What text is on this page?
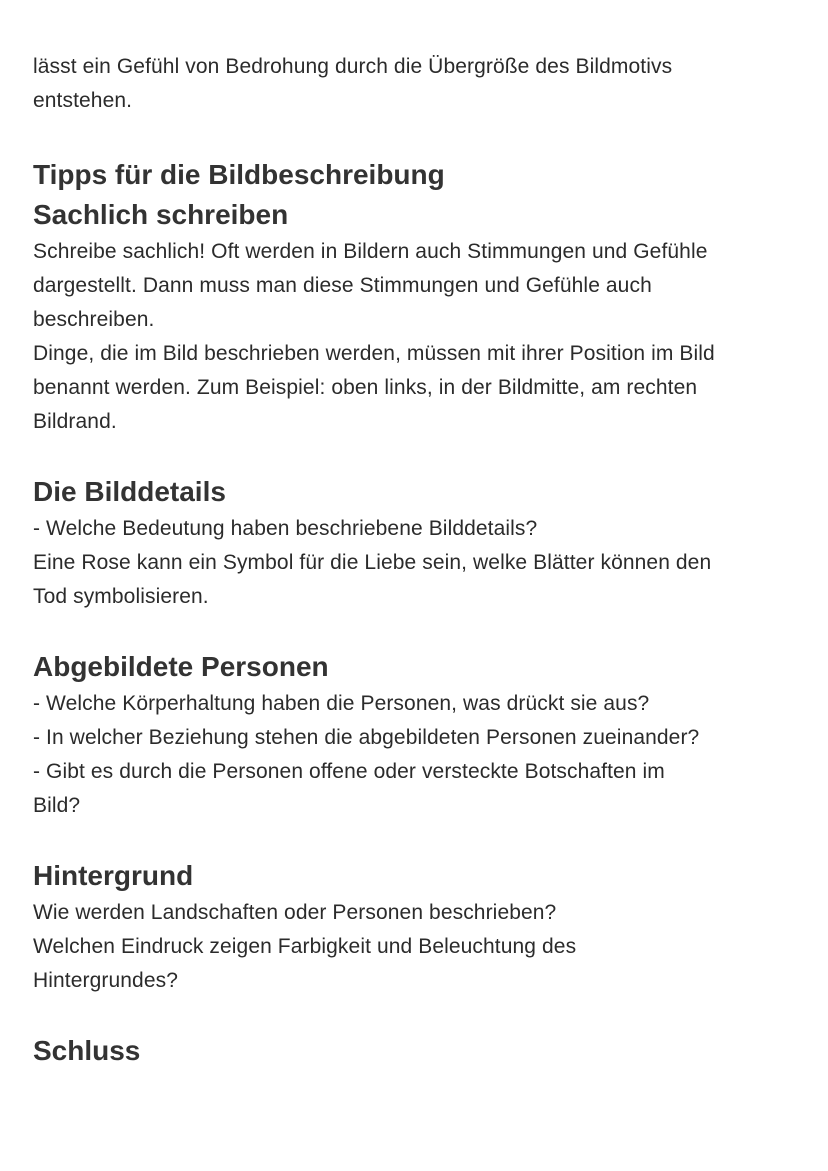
lässt ein Gefühl von Bedrohung durch die Übergröße des Bildmotivs

entstehen.

Tipps für die Bildbeschreibung
Sachlich schreiben

Schreibe sachlich! Oft werden in Bildern auch Stimmungen und Gefühle

dargestellt. Dann muss man diese Stimmungen und Gefühle auch

beschreiben.

Dinge, die im Bild beschrieben werden, müssen mit ihrer Position im Bild

benannt werden. Zum Beispiel: oben links, in der Bildmitte, am rechten

Bildrand.

Die Bilddetails

- Welche Bedeutung haben beschriebene Bilddetails?

Eine Rose kann ein Symbol für die Liebe sein, welke Blätter können den

Tod symbolisieren.

Abgebildete Personen

- Welche Körperhaltung haben die Personen, was drückt sie aus?

- In welcher Beziehung stehen die abgebildeten Personen zueinander?

- Gibt es durch die Personen offene oder versteckte Botschaften im

Bild?

Hintergrund

Wie werden Landschaften oder Personen beschrieben?

Welchen Eindruck zeigen Farbigkeit und Beleuchtung des

Hintergrundes?

Schluss
